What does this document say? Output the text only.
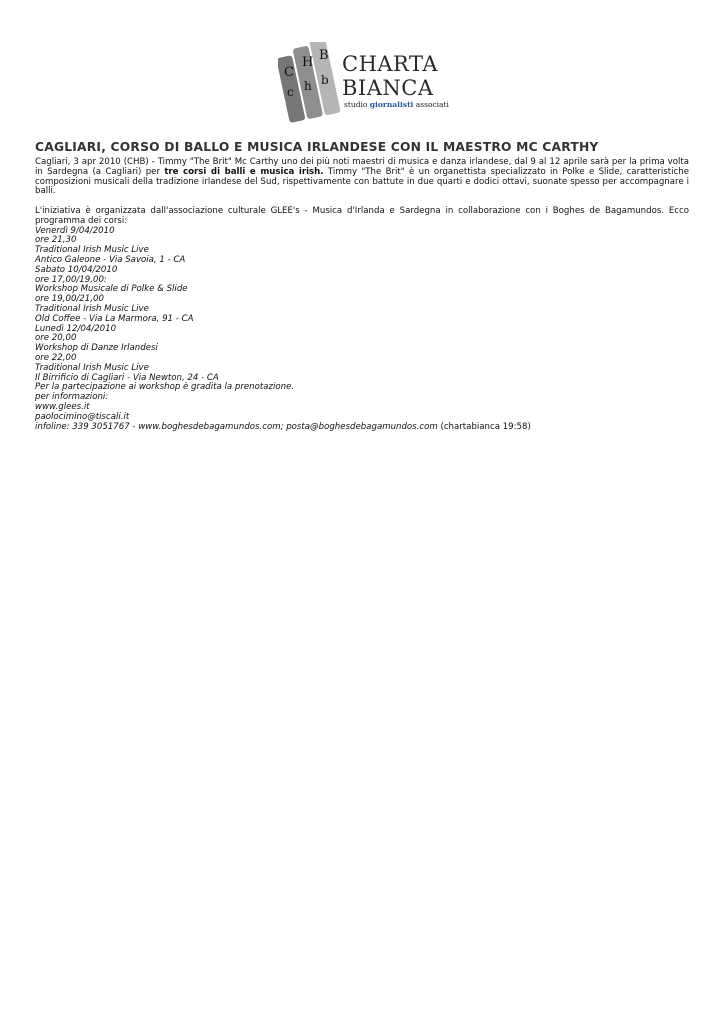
C
H B
c h b
CHARTA
BIANCA
studio giornalisti associati
CAGLIARI, CORSO DI BALLO E MUSICA IRLANDESE CON IL MAESTRO MC CARTHY

Cagliari, 3 apr 2010 (CHB) - Timmy "The Brit" Mc Carthy uno dei più noti maestri di musica e danza irlandese, dal 9 al 12 aprile sarà per la prima volta in Sardegna (a Cagliari) per tre corsi di balli e musica irish. Timmy "The Brit" è un organettista specializzato in Polke e Slide, caratteristiche composizioni musicali della tradizione irlandese del Sud, rispettivamente con battute in due quarti e dodici ottavi, suonate spesso per accompagnare i balli.

L'iniziativa è organizzata dall'associazione culturale GLEE's - Musica d'Irlanda e Sardegna in collaborazione con i Boghes de Bagamundos. Ecco programma dei corsi:

Venerdì 9/04/2010

ore 21,30

Traditional Irish Music Live

Antico Galeone - Via Savoia, 1 - CA

Sabato 10/04/2010

ore 17,00/19,00:

Workshop Musicale di Polke & Slide

ore 19,00/21,00

Traditional Irish Music Live

Old Coffee - Via La Marmora, 91 - CA

Lunedì 12/04/2010

ore 20,00

Workshop di Danze Irlandesi

ore 22,00

Traditional Irish Music Live

Il Birrificio di Cagliari - Via Newton, 24 - CA

Per la partecipazione ai workshop è gradita la prenotazione.

per informazioni:

www.glees.it

paolocimino@tiscali.it

infoline: 339 3051767 - www.boghesdebagamundos.com; posta@boghesdebagamundos.com (chartabianca 19:58)
